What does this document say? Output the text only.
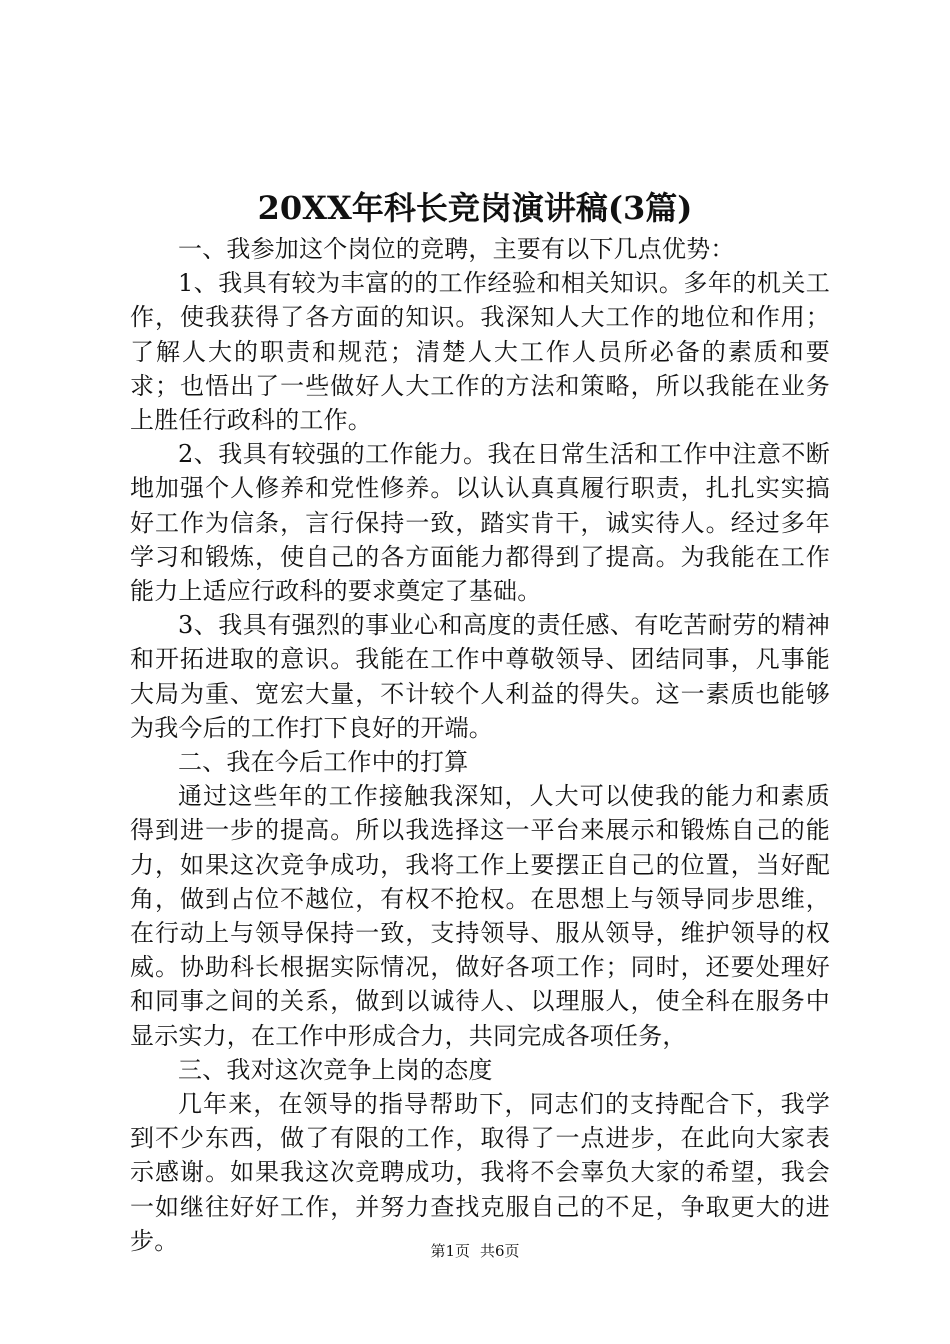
20XX年科长竞岗演讲稿(3篇)

一、我参加这个岗位的竞聘，主要有以下几点优势：

1、我具有较为丰富的的工作经验和相关知识。多年的机关工作，使我获得了各方面的知识。我深知人大工作的地位和作用；了解人大的职责和规范；清楚人大工作人员所必备的素质和要求；也悟出了一些做好人大工作的方法和策略，所以我能在业务上胜任行政科的工作。

2、我具有较强的工作能力。我在日常生活和工作中注意不断地加强个人修养和党性修养。以认认真真履行职责，扎扎实实搞好工作为信条，言行保持一致，踏实肯干，诚实待人。经过多年学习和锻炼，使自己的各方面能力都得到了提高。为我能在工作能力上适应行政科的要求奠定了基础。

3、我具有强烈的事业心和高度的责任感、有吃苦耐劳的精神和开拓进取的意识。我能在工作中尊敬领导、团结同事，凡事能大局为重、宽宏大量，不计较个人利益的得失。这一素质也能够为我今后的工作打下良好的开端。

二、我在今后工作中的打算

通过这些年的工作接触我深知，人大可以使我的能力和素质得到进一步的提高。所以我选择这一平台来展示和锻炼自己的能力，如果这次竞争成功，我将工作上要摆正自己的位置，当好配角，做到占位不越位，有权不抢权。在思想上与领导同步思维，在行动上与领导保持一致，支持领导、服从领导，维护领导的权威。协助科长根据实际情况，做好各项工作；同时，还要处理好和同事之间的关系，做到以诚待人、以理服人，使全科在服务中显示实力，在工作中形成合力，共同完成各项任务，

三、我对这次竞争上岗的态度

几年来，在领导的指导帮助下，同志们的支持配合下，我学到不少东西，做了有限的工作，取得了一点进步，在此向大家表示感谢。如果我这次竞聘成功，我将不会辜负大家的希望，我会一如继往好好工作，并努力查找克服自己的不足，争取更大的进步。	第1页 共6页
